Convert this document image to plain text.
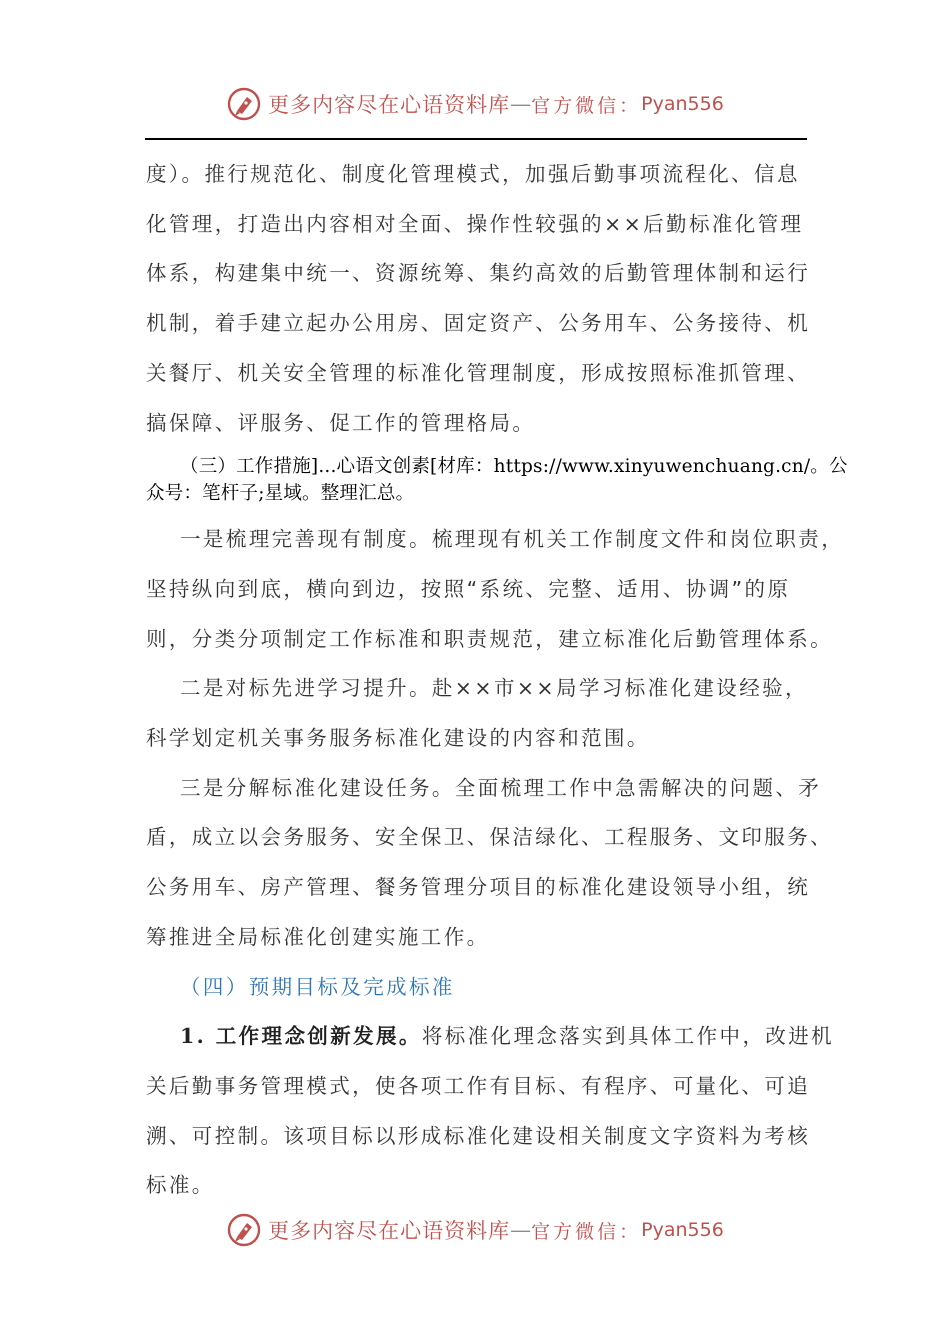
更多内容尽在心语资料库 — 官方微信： Pyan556

度）。推行规范化、制度化管理模式，加强后勤事项流程化、信息
化管理，打造出内容相对全面、操作性较强的××后勤标准化管理
体系，构建集中统一、资源统筹、集约高效的后勤管理体制和运行
机制，着手建立起办公用房、固定资产、公务用车、公务接待、机
关餐厅、机关安全管理的标准化管理制度，形成按照标准抓管理、
搞保障、评服务、促工作的管理格局。

（三）工作措施]...心语文创素[材库：https://www.xinyuwenchuang.cn/。公
众号：笔杆子;星域。整理汇总。

一是梳理完善现有制度。梳理现有机关工作制度文件和岗位职责，
坚持纵向到底，横向到边，按照“系统、完整、适用、协调”的原
则，分类分项制定工作标准和职责规范，建立标准化后勤管理体系。

二是对标先进学习提升。赴××市××局学习标准化建设经验，
科学划定机关事务服务标准化建设的内容和范围。

三是分解标准化建设任务。全面梳理工作中急需解决的问题、矛
盾，成立以会务服务、安全保卫、保洁绿化、工程服务、文印服务、
公务用车、房产管理、餐务管理分项目的标准化建设领导小组，统
筹推进全局标准化创建实施工作。

（四）预期目标及完成标准

1. 工作理念创新发展。将标准化理念落实到具体工作中，改进机
关后勤事务管理模式，使各项工作有目标、有程序、可量化、可追
溯、可控制。该项目标以形成标准化建设相关制度文字资料为考核
标准。

更多内容尽在心语资料库 — 官方微信： Pyan556
